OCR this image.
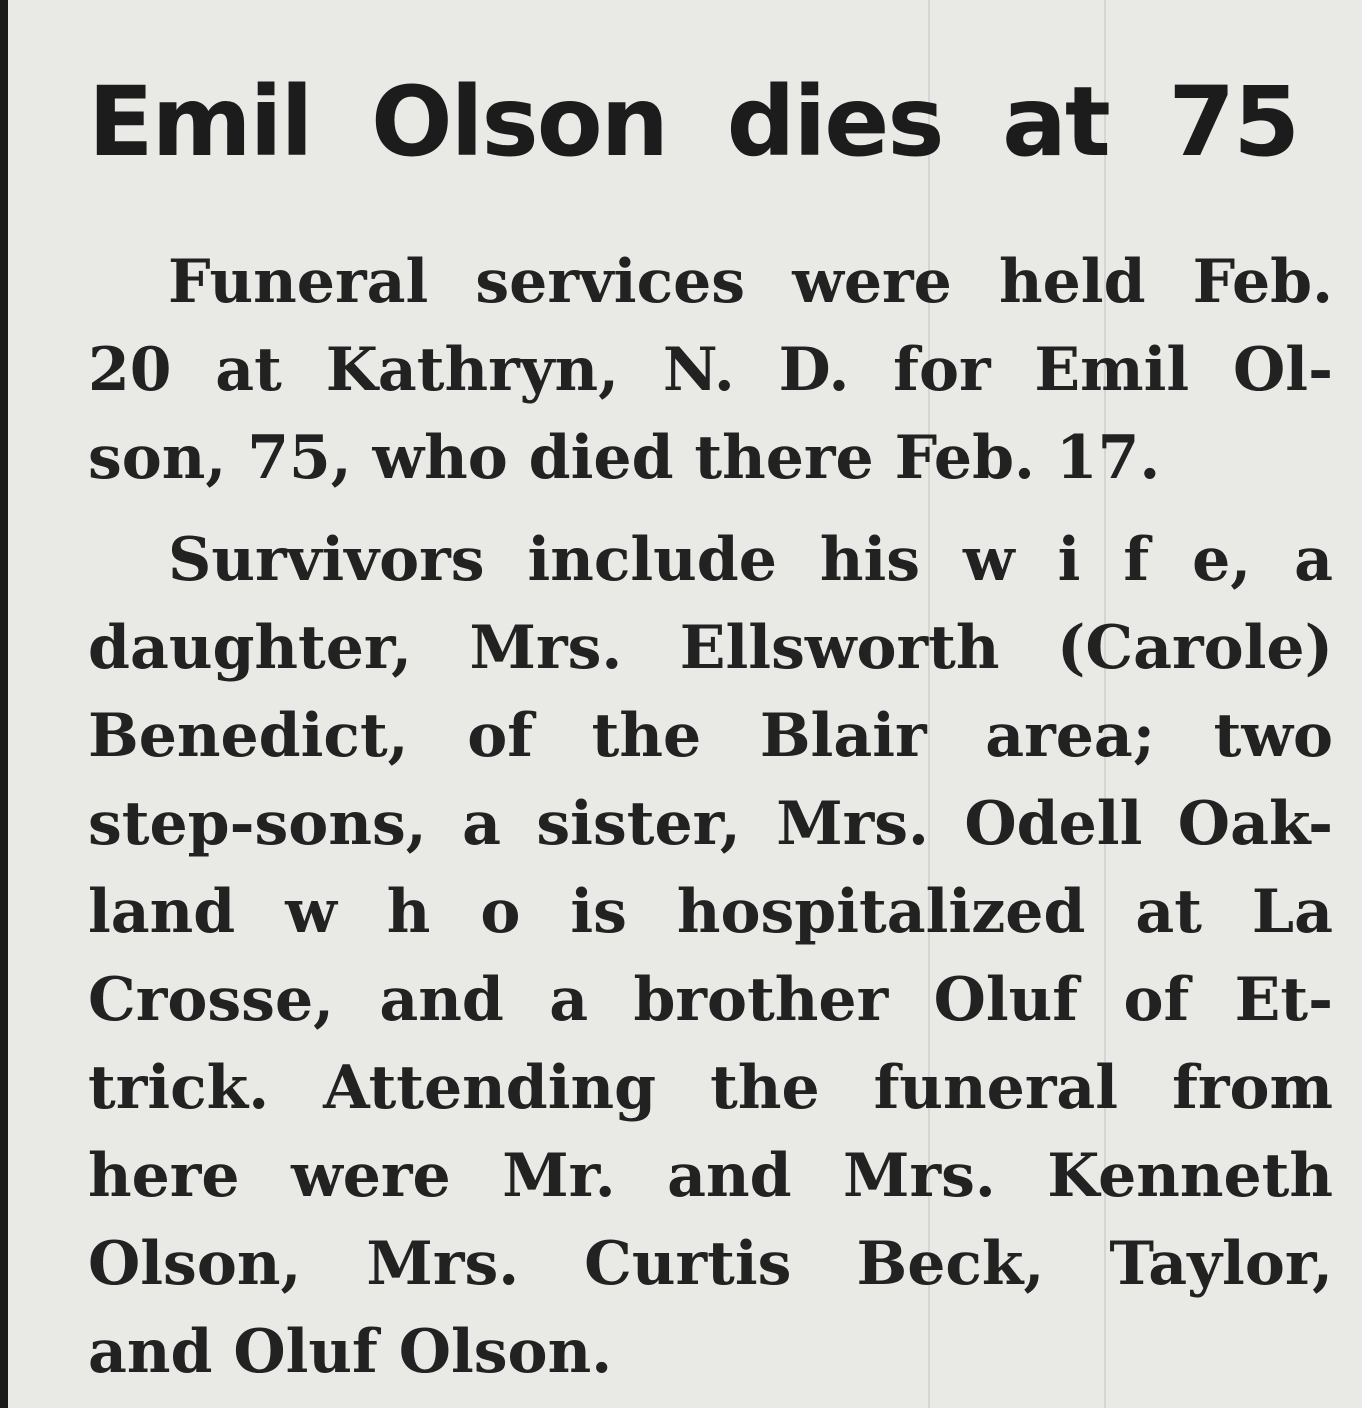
Emil Olson dies at 75
Funeral services were held Feb.
20 at Kathryn, N. D. for Emil Ol-
son, 75, who died there Feb. 17.
Survivors include his w i f e, a
daughter, Mrs. Ellsworth (Carole)
Benedict, of the Blair area; two
step-sons, a sister, Mrs. Odell Oak-
land w h o is hospitalized at La
Crosse, and a brother Oluf of Et-
trick. Attending the funeral from
here were Mr. and Mrs. Kenneth
Olson, Mrs. Curtis Beck, Taylor,
and Oluf Olson.
